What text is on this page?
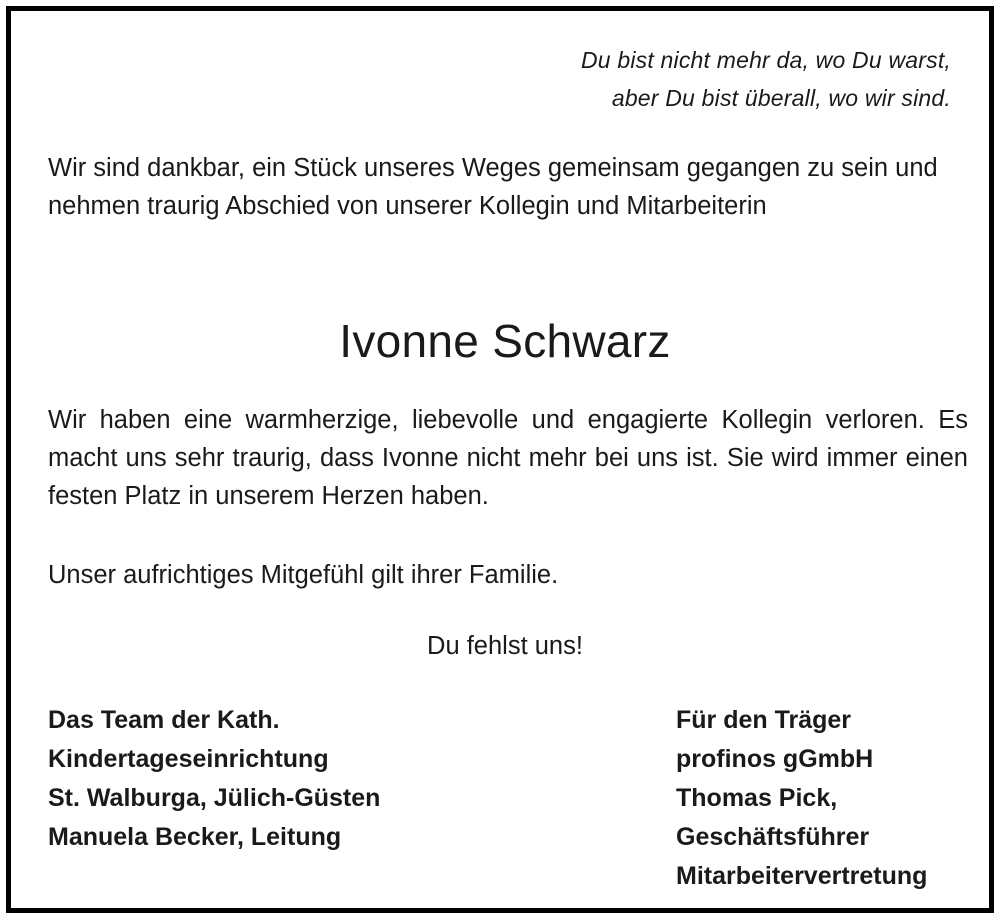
Du bist nicht mehr da, wo Du warst,
aber Du bist überall, wo wir sind.
Wir sind dankbar, ein Stück unseres Weges gemeinsam gegangen zu sein und nehmen traurig Abschied von unserer Kollegin und Mitarbeiterin
Ivonne Schwarz
Wir haben eine warmherzige, liebevolle und engagierte Kollegin verloren. Es macht uns sehr traurig, dass Ivonne nicht mehr bei uns ist. Sie wird immer einen festen Platz in unserem Herzen haben.
Unser aufrichtiges Mitgefühl gilt ihrer Familie.
Du fehlst uns!
Das Team der Kath.
Kindertageseinrichtung
St. Walburga, Jülich-Güsten
Manuela Becker, Leitung
Für den Träger
profinos gGmbH
Thomas Pick,
Geschäftsführer
Mitarbeitervertretung
